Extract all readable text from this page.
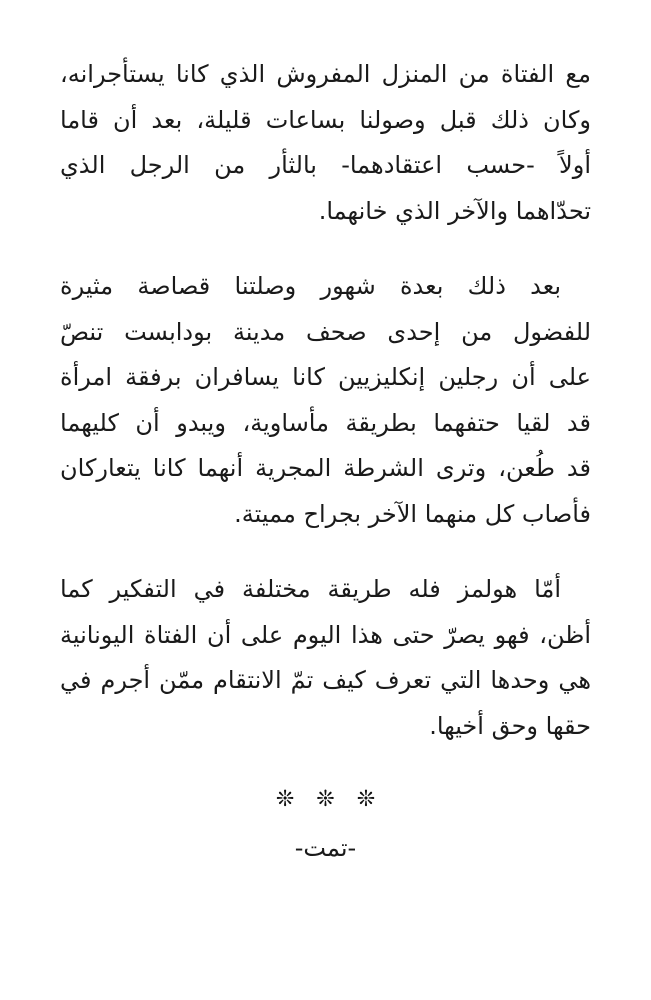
مع الفتاة من المنزل المفروش الذي كانا يستأجرانه،
وكان ذلك قبل وصولنا بساعات قليلة، بعد أن قاما
أولاً -حسب اعتقادهما- بالثأر من الرجل الذي
تحدّاهما والآخر الذي خانهما.

بعد ذلك بعدة شهور وصلتنا قصاصة مثيرة
للفضول من إحدى صحف مدينة بودابست تنصّ
على أن رجلين إنكليزيين كانا يسافران برفقة امرأة
قد لقيا حتفهما بطريقة مأساوية، ويبدو أن كليهما
قد طُعن، وترى الشرطة المجرية أنهما كانا يتعاركان
فأصاب كل منهما الآخر بجراح مميتة.

أمّا هولمز فله طريقة مختلفة في التفكير كما
أظن، فهو يصرّ حتى هذا اليوم على أن الفتاة اليونانية
هي وحدها التي تعرف كيف تمّ الانتقام ممّن أجرم في
حقها وحق أخيها.

❊❊❊
-تمت-
